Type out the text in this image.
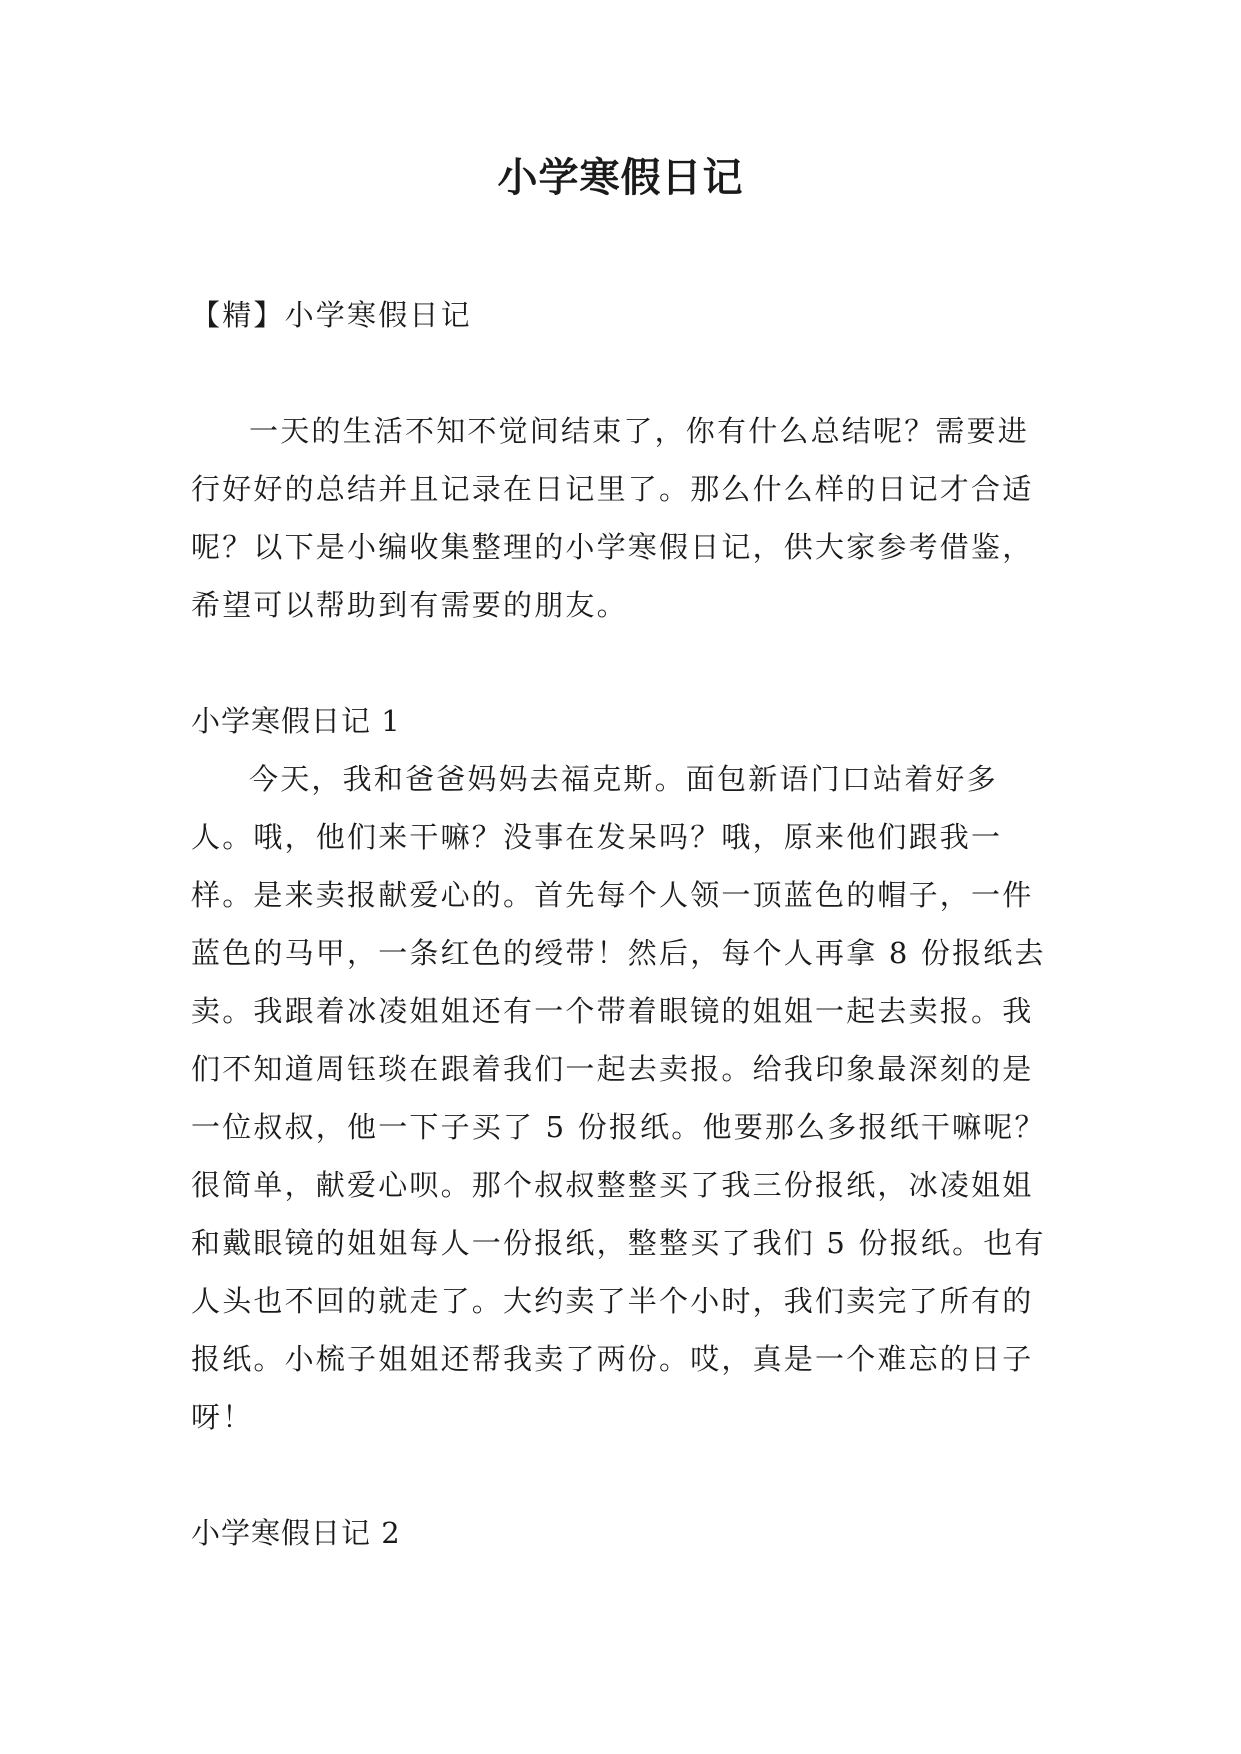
小学寒假日记

【精】小学寒假日记

一天的生活不知不觉间结束了，你有什么总结呢？需要进行好好的总结并且记录在日记里了。那么什么样的日记才合适呢？以下是小编收集整理的小学寒假日记，供大家参考借鉴，希望可以帮助到有需要的朋友。

小学寒假日记 1

今天，我和爸爸妈妈去福克斯。面包新语门口站着好多人。哦，他们来干嘛？没事在发呆吗？哦，原来他们跟我一样。是来卖报献爱心的。首先每个人领一顶蓝色的帽子，一件蓝色的马甲，一条红色的绶带！然后，每个人再拿 8 份报纸去卖。我跟着冰凌姐姐还有一个带着眼镜的姐姐一起去卖报。我们不知道周钰琰在跟着我们一起去卖报。给我印象最深刻的是一位叔叔，他一下子买了 5 份报纸。他要那么多报纸干嘛呢？很简单，献爱心呗。那个叔叔整整买了我三份报纸，冰凌姐姐和戴眼镜的姐姐每人一份报纸，整整买了我们 5 份报纸。也有人头也不回的就走了。大约卖了半个小时，我们卖完了所有的报纸。小梳子姐姐还帮我卖了两份。哎，真是一个难忘的日子呀！

小学寒假日记 2
